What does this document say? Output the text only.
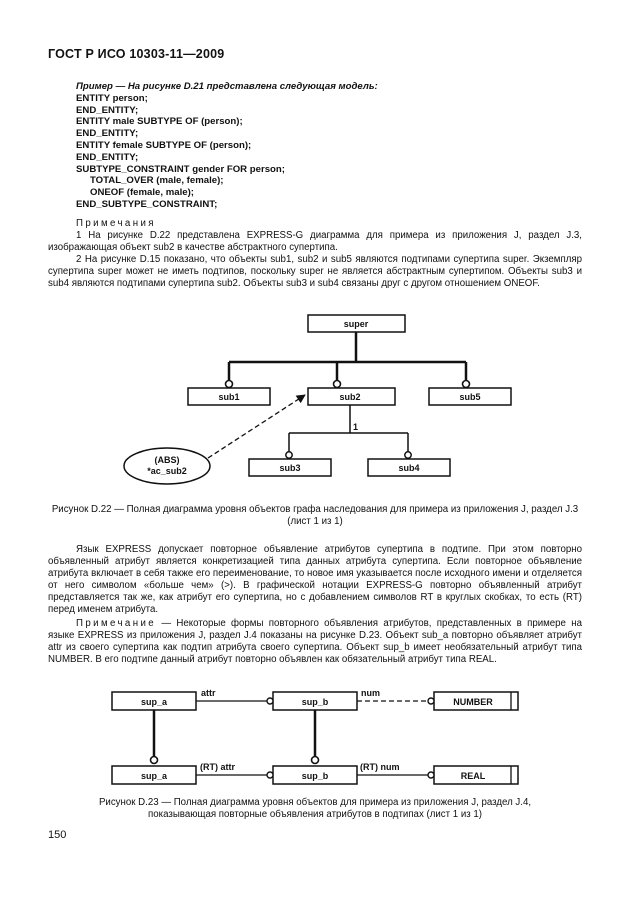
ГОСТ Р ИСО 10303-11—2009
Пример — На рисунке D.21 представлена следующая модель:
ENTITY person;
END_ENTITY;
ENTITY male SUBTYPE OF (person);
END_ENTITY;
ENTITY female SUBTYPE OF (person);
END_ENTITY;
SUBTYPE_CONSTRAINT gender FOR person;
TOTAL_OVER (male, female);
ONEOF (female, male);
END_SUBTYPE_CONSTRAINT;

Примечания

1 На рисунке D.22 представлена EXPRESS-G диаграмма для примера из приложения J, раздел J.3, изображающая объект sub2 в качестве абстрактного супертипа.

2 На рисунке D.15 показано, что объекты sub1, sub2 и sub5 являются подтипами супертипа super. Экземпляр супертипа super может не иметь подтипов, поскольку super не является абстрактным супертипом. Объекты sub3 и sub4 являются подтипами супертипа sub2. Объекты sub3 и sub4 связаны друг с другом отношением ONEOF.

super
sub1	sub2	sub5
1
sub3	sub4
(ABS)
*ac_sub2
sup_a	sup_b	NUMBER
attr	num
sup_a	sup_b	REAL
(RT) attr	(RT) num
Рисунок D.22 — Полная диаграмма уровня объектов графа наследования для примера из приложения J, раздел J.3 (лист 1 из 1)

Язык EXPRESS допускает повторное объявление атрибутов супертипа в подтипе. При этом повторно объявленный атрибут является конкретизацией типа данных атрибута супертипа. Если повторное объявление атрибута включает в себя также его переименование, то новое имя указывается после исходного имени и отделяется от него символом «больше чем» (>). В графической нотации EXPRESS-G повторно объявленный атрибут представляется так же, как атрибут его супертипа, но с добавлением символов RT в круглых скобках, то есть (RT) перед именем атрибута.

Примечание — Некоторые формы повторного объявления атрибутов, представленных в примере на языке EXPRESS из приложения J, раздел J.4 показаны на рисунке D.23. Объект sub_a повторно объявляет атрибут attr из своего супертипа как подтип атрибута своего супертипа. Объект sup_b имеет необязательный атрибут типа NUMBER. В его подтипе данный атрибут повторно объявлен как обязательный атрибут типа REAL.

Рисунок D.23 — Полная диаграмма уровня объектов для примера из приложения J, раздел J.4, показывающая повторные объявления атрибутов в подтипах (лист 1 из 1)
150
